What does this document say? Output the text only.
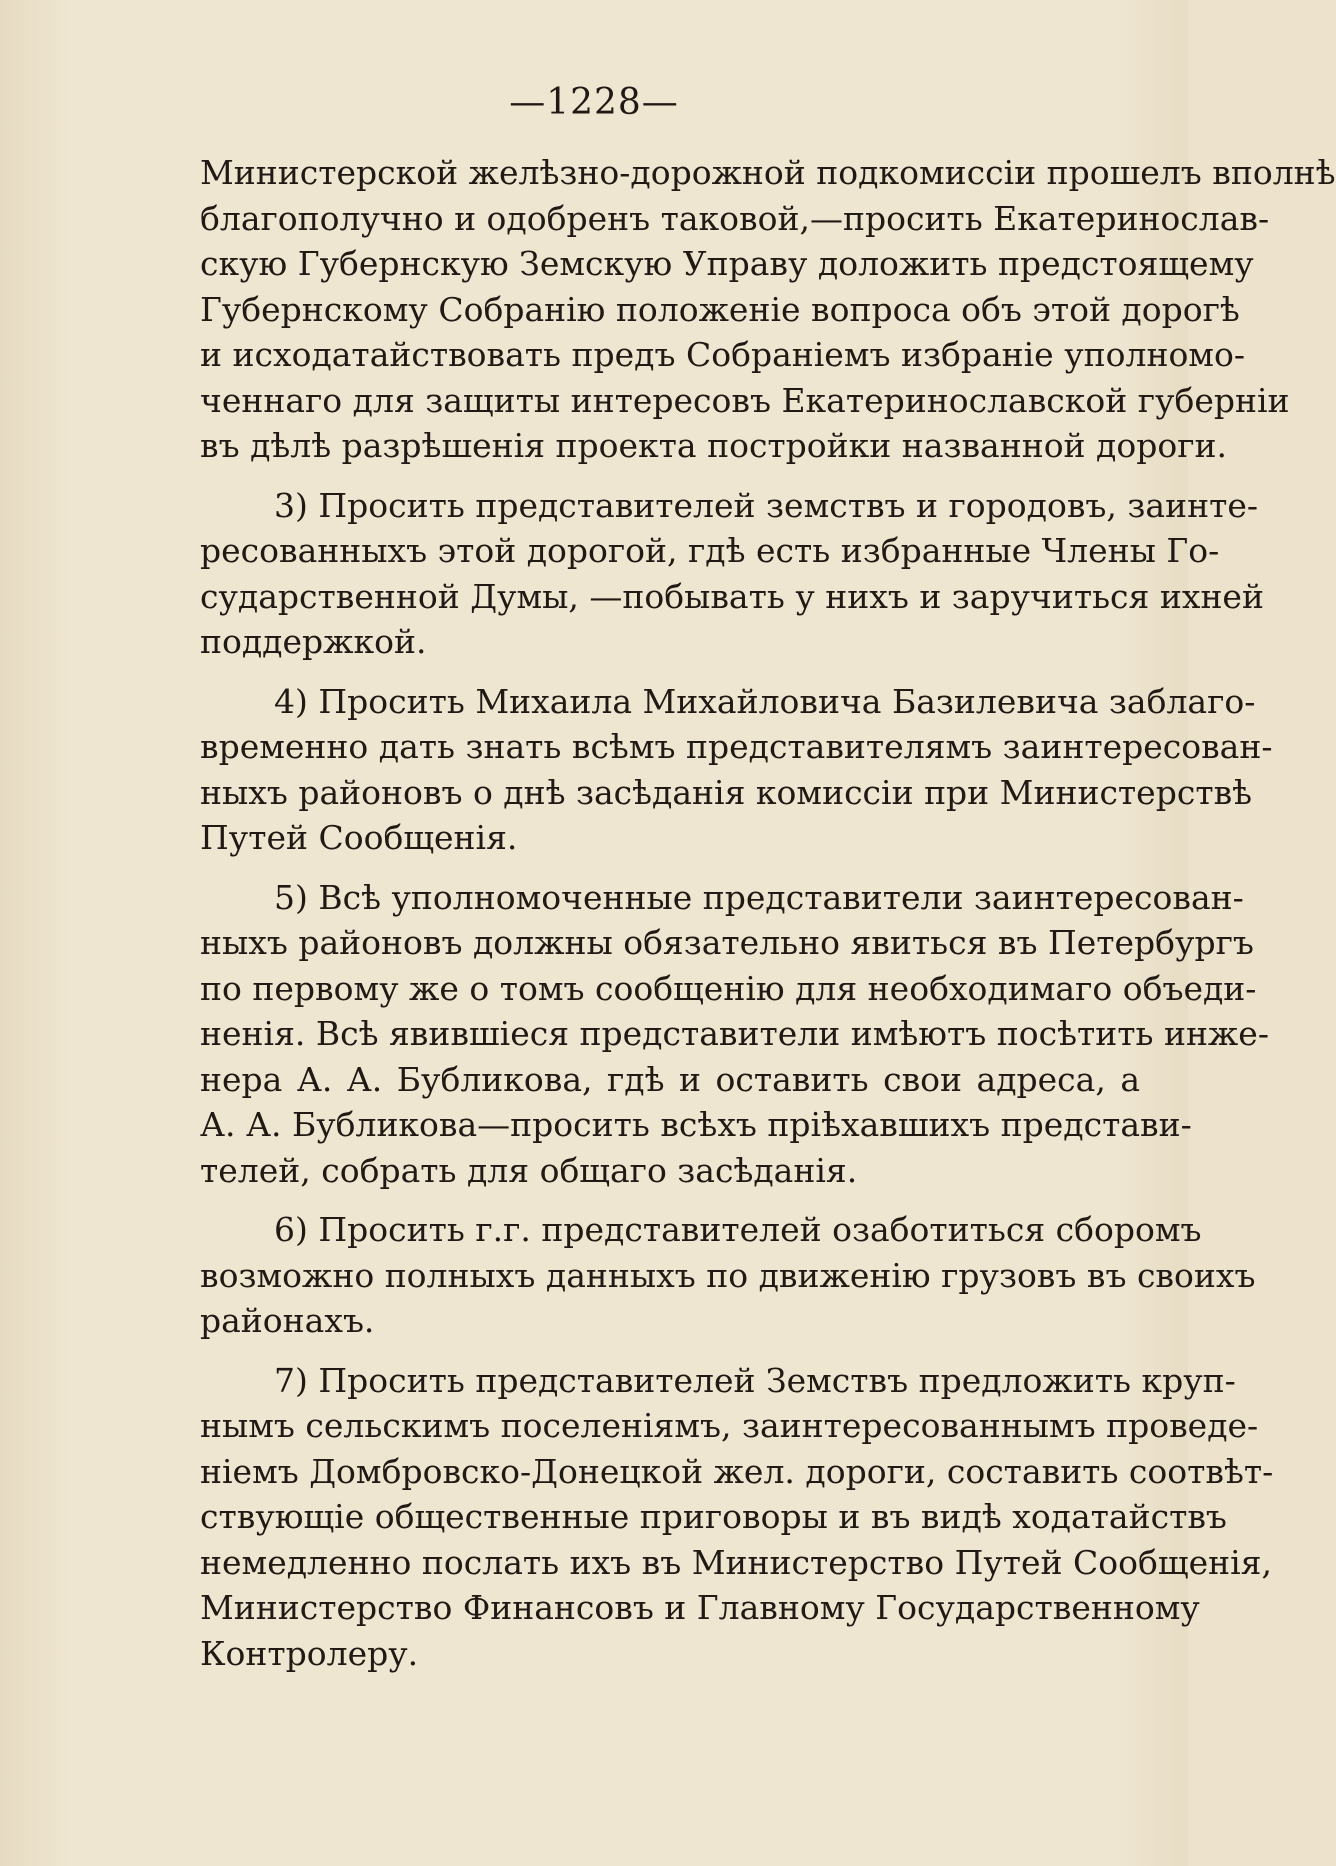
—1228—
Министерской желѣзно-дорожной подкомиссіи прошелъ вполнѣ
благополучно и одобренъ таковой,—просить Екатеринослав-
скую Губернскую Земскую Управу доложить предстоящему
Губернскому Собранію положеніе вопроса объ этой дорогѣ
и исходатайствовать предъ Собраніемъ избраніе уполномо-
ченнаго для защиты интересовъ Екатеринославской губерніи
въ дѣлѣ разрѣшенія проекта постройки названной дороги.
3) Просить представителей земствъ и городовъ, заинте-
ресованныхъ этой дорогой, гдѣ есть избранные Члены Го-
сударственной Думы, —побывать у нихъ и заручиться ихней
поддержкой.
4) Просить Михаила Михайловича Базилевича заблаго-
временно дать знать всѣмъ представителямъ заинтересован-
ныхъ районовъ о днѣ засѣданія комиссіи при Министерствѣ
Путей Сообщенія.
5) Всѣ уполномоченные представители заинтересован-
ныхъ районовъ должны обязательно явиться въ Петербургъ
по первому же о томъ сообщенію для необходимаго объеди-
ненія. Всѣ явившіеся представители имѣютъ посѣтить инже-
нера А. А. Бубликова, гдѣ и оставить свои адреса, а
А. А. Бубликова—просить всѣхъ пріѣхавшихъ представи-
телей, собрать для общаго засѣданія.
6) Просить г.г. представителей озаботиться сборомъ
возможно полныхъ данныхъ по движенію грузовъ въ своихъ
районахъ.
7) Просить представителей Земствъ предложить круп-
нымъ сельскимъ поселеніямъ, заинтересованнымъ проведе-
ніемъ Домбровско-Донецкой жел. дороги, составить соотвѣт-
ствующіе общественные приговоры и въ видѣ ходатайствъ
немедленно послать ихъ въ Министерство Путей Сообщенія,
Министерство Финансовъ и Главному Государственному
Контролеру.
